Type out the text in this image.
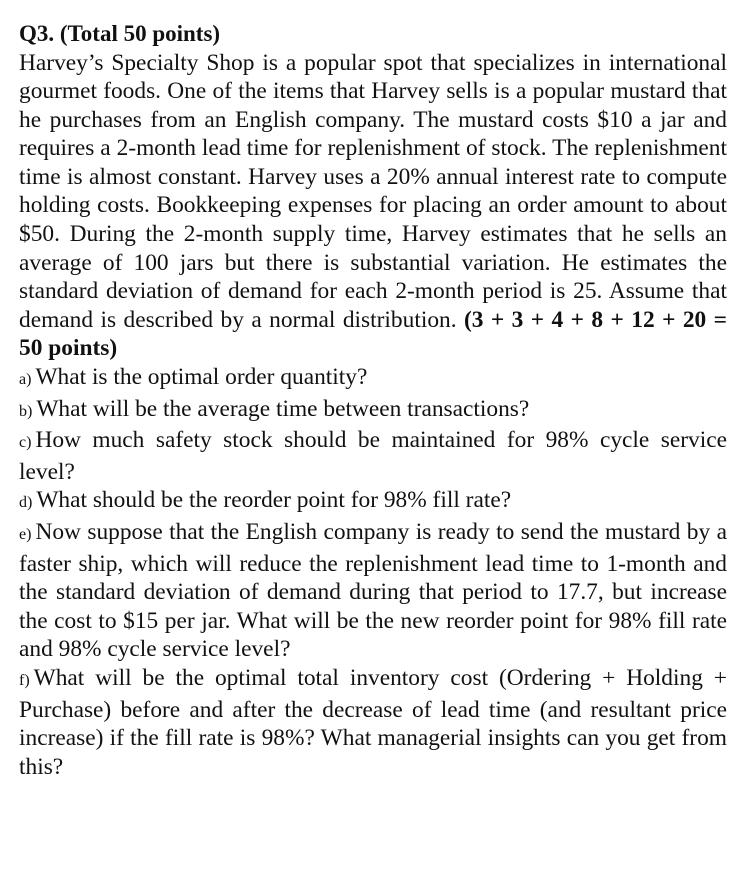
Q3. (Total 50 points)

Harvey’s Specialty Shop is a popular spot that specializes in international gourmet foods. One of the items that Harvey sells is a popular mustard that he purchases from an English company. The mustard costs $10 a jar and requires a 2-month lead time for replenishment of stock. The replenishment time is almost constant. Harvey uses a 20% annual interest rate to compute holding costs. Bookkeeping expenses for placing an order amount to about $50. During the 2-month supply time, Harvey estimates that he sells an average of 100 jars but there is substantial variation. He estimates the standard deviation of demand for each 2-month period is 25. Assume that demand is described by a normal distribution. (3 + 3 + 4 + 8 + 12 + 20 = 50 points)

a) What is the optimal order quantity?

b) What will be the average time between transactions?

c) How much safety stock should be maintained for 98% cycle service level?

d) What should be the reorder point for 98% fill rate?

e) Now suppose that the English company is ready to send the mustard by a faster ship, which will reduce the replenishment lead time to 1-month and the standard deviation of demand during that period to 17.7, but increase the cost to $15 per jar. What will be the new reorder point for 98% fill rate and 98% cycle service level?

f) What will be the optimal total inventory cost (Ordering + Holding + Purchase) before and after the decrease of lead time (and resultant price increase) if the fill rate is 98%? What managerial insights can you get from this?
